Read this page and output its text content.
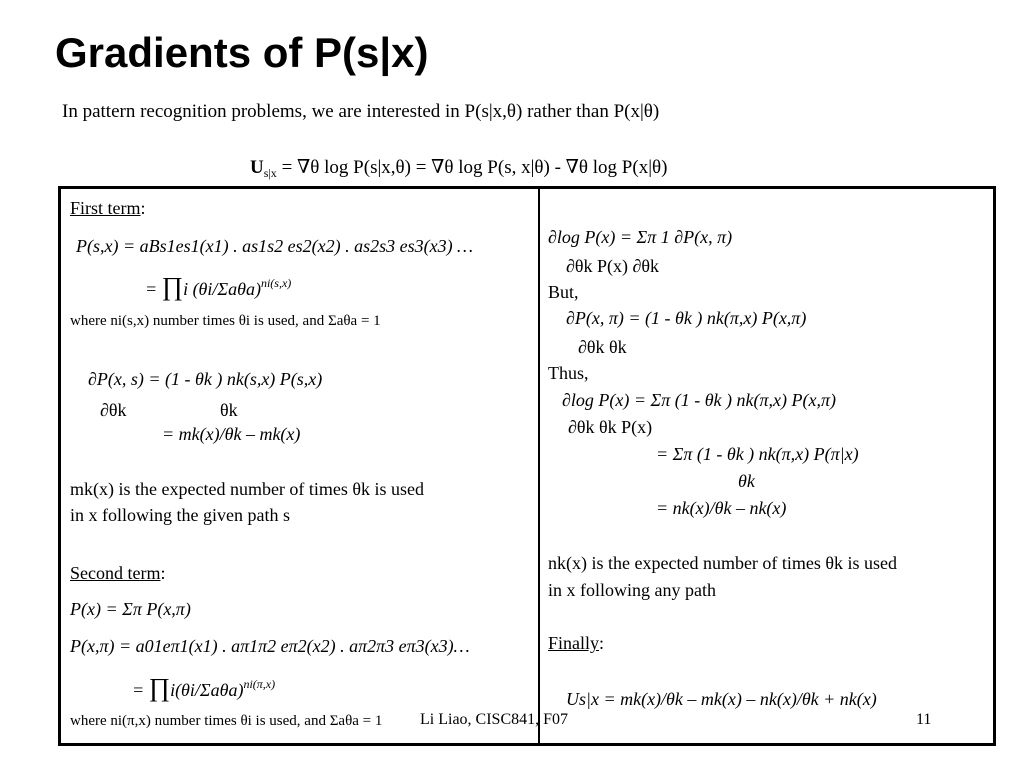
Gradients of P(s|x)
In pattern recognition problems, we are interested in P(s|x,θ) rather than P(x|θ)
$U_{s|x} = \nabla\theta$ log P(s|x,θ) = ∇θ log P(s, x|θ) - ∇θ log P(x|θ)
First term:
P(s,x) = aBs1es1(x1) . as1s2 es2(x2) . as2s3 es3(x3) …
= ∏i $(\theta i/\Sigma a\theta a)^{ni(s,x)}$
where ni(s,x) number times θi is used, and Σaθa = 1
∂P(x, s) = (1 - θk ) nk(s,x) P(s,x)
∂θk	θk
= mk(x)/θk – mk(x)
mk(x) is the expected number of times θk is used
in x following the given path s
Second term:
P(x) = Σπ P(x,π)
P(x,π) = a01eπ1(x1) . aπ1π2 eπ2(x2) . aπ2π3 eπ3(x3)…
= $\prod i(\theta i/\Sigma a\theta a)^{ni(\pi,x)}$
where ni(π,x) number times θi is used, and Σaθa = 1
∂log P(x) = Σπ 1 ∂P(x, π)
∂θk P(x) ∂θk
But,
∂P(x, π) = (1 - θk ) nk(π,x) P(x,π)
∂θk θk
Thus,
∂log P(x) = Σπ (1 - θk ) nk(π,x) P(x,π)
∂θk θk P(x)
= Σπ (1 - θk ) nk(π,x) P(π|x)
θk
= nk(x)/θk – nk(x)
nk(x) is the expected number of times θk is used
in x following any path
Finally:
Us|x = mk(x)/θk – mk(x) – nk(x)/θk + nk(x)
Li Liao, CISC841, F07	11
